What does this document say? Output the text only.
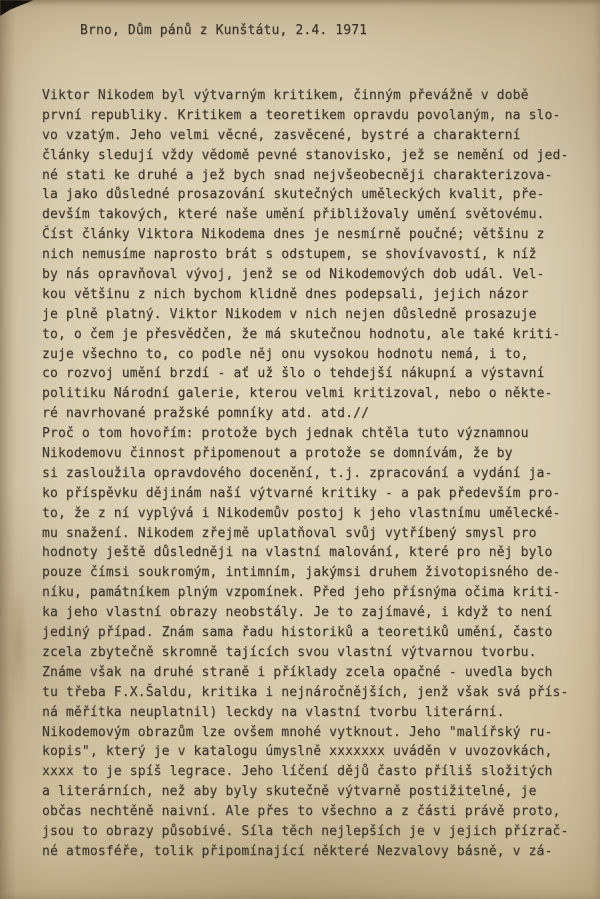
Brno, Dům pánů z Kunštátu, 2.4. 1971
Viktor Nikodem byl výtvarným kritikem, činným převážně v době
první republiky. Kritikem a teoretikem opravdu povolaným, na slo-
vo vzatým. Jeho velmi věcné, zasvěcené, bystré a charakterní
články sledují vždy vědomě pevné stanovisko, jež se nemění od jed-
né stati ke druhé a jež bych snad nejvšeobecněji charakterizova-
la jako důsledné prosazování skutečných uměleckých kvalit, pře-
devším takových, které naše umění přibližovaly umění světovému.
Číst články Viktora Nikodema dnes je nesmírně poučné; většinu z
nich nemusíme naprosto brát s odstupem, se shovívavostí, k níž
by nás opravňoval vývoj, jenž se od Nikodemových dob udál. Vel-
kou většinu z nich bychom klidně dnes podepsali, jejich názor
je plně platný. Viktor Nikodem v nich nejen důsledně prosazuje
to, o čem je přesvědčen, že má skutečnou hodnotu, ale také kriti-
zuje všechno to, co podle něj onu vysokou hodnotu nemá, i to,
co rozvoj umění brzdí - ať už šlo o tehdejší nákupní a výstavní
politiku Národní galerie, kterou velmi kritizoval, nebo o někte-
ré navrhované pražské pomníky atd. atd.//
Proč o tom hovořím: protože bych jednak chtěla tuto významnou
Nikodemovu činnost připomenout a protože se domnívám, že by
si zasloužila opravdového docenění, t.j. zpracování a vydání ja-
ko příspěvku dějinám naší výtvarné kritiky - a pak především pro-
to, že z ní vyplývá i Nikodemův postoj k jeho vlastnímu umělecké-
mu snažení. Nikodem zřejmě uplatňoval svůj vytříbený smysl pro
hodnoty ještě důsledněji na vlastní malování, které pro něj bylo
pouze čímsi soukromým, intimním, jakýmsi druhem životopisného de-
níku, památníkem plným vzpomínek. Před jeho přísnýma očima kriti-
ka jeho vlastní obrazy neobstály. Je to zajímavé, i když to není
jediný případ. Znám sama řadu historiků a teoretiků umění, často
zcela zbytečně skromně tajících svou vlastní výtvarnou tvorbu.
Známe však na druhé straně i příklady zcela opačné - uvedla bych
tu třeba F.X.Šaldu, kritika i nejnáročnějších, jenž však svá přís-
ná měřítka neuplatnil) leckdy na vlastní tvorbu literární.
Nikodemovým obrazům lze ovšem mnohé vytknout. Jeho "malířský ru-
kopis", který je v katalogu úmyslně xxxxxxx uváděn v uvozovkách,
xxxx to je spíš legrace. Jeho líčení dějů často příliš složitých
a literárních, než aby byly skutečně výtvarně postižitelné, je
občas nechtěně naivní. Ale přes to všechno a z části právě proto,
jsou to obrazy působivé. Síla těch nejlepších je v jejich přízrač-
né atmosféře, tolik připomínající některé Nezvalovy básně, v zá-
